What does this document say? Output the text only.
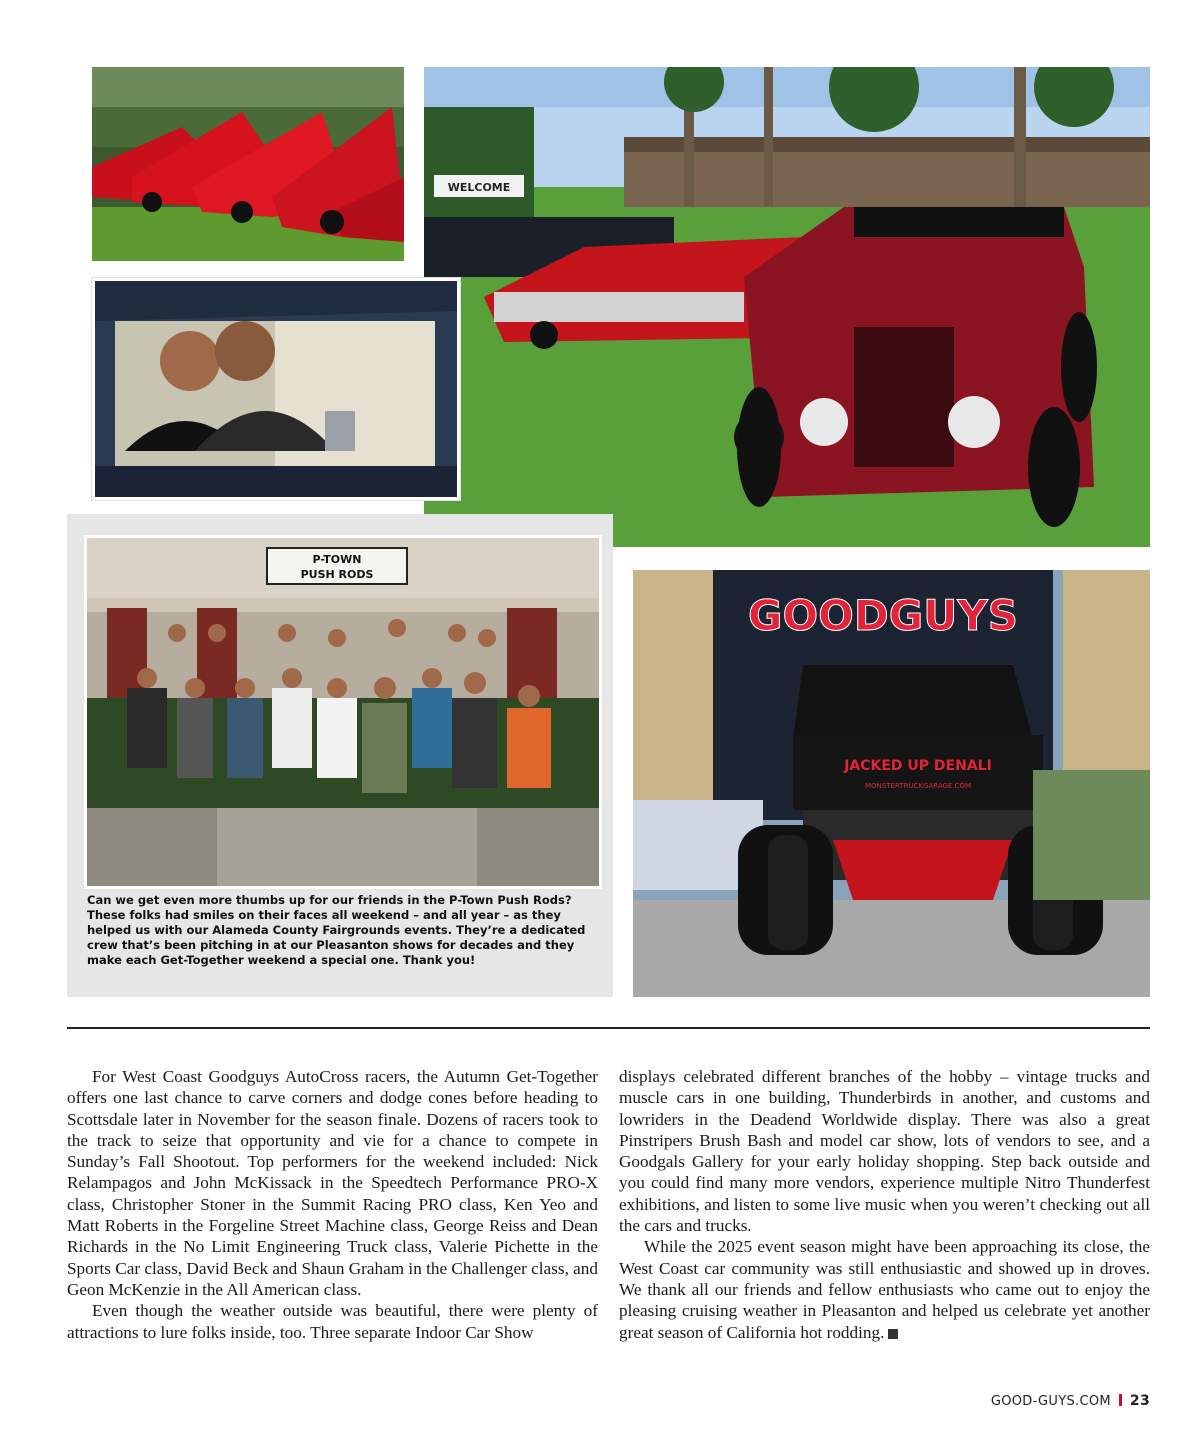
WELCOME
P-TOWN
PUSH RODS
Can we get even more thumbs up for our friends in the P-Town Push Rods? These folks had smiles on their faces all weekend – and all year – as they helped us with our Alameda County Fairgrounds events. They’re a dedicated crew that’s been pitching in at our Pleasanton shows for decades and they make each Get-Together weekend a special one. Thank you!
GOODGUYS
JACKED UP DENALI
MONSTERTRUCKGARAGE.COM

For West Coast Goodguys AutoCross racers, the Autumn Get-Together offers one last chance to carve corners and dodge cones before heading to Scottsdale later in November for the season finale. Dozens of racers took to the track to seize that opportunity and vie for a chance to compete in Sunday’s Fall Shootout. Top performers for the weekend included: Nick Relampagos and John McKissack in the Speedtech Performance PRO-X class, Christopher Stoner in the Summit Racing PRO class, Ken Yeo and Matt Roberts in the Forgeline Street Machine class, George Reiss and Dean Richards in the No Limit Engineering Truck class, Valerie Pichette in the Sports Car class, David Beck and Shaun Graham in the Challenger class, and Geon McKenzie in the All American class.

Even though the weather outside was beautiful, there were plenty of attractions to lure folks inside, too. Three separate Indoor Car Show

displays celebrated different branches of the hobby – vintage trucks and muscle cars in one building, Thunderbirds in another, and customs and lowriders in the Deadend Worldwide display. There was also a great Pinstripers Brush Bash and model car show, lots of vendors to see, and a Goodgals Gallery for your early holiday shopping. Step back outside and you could find many more vendors, experience multiple Nitro Thunderfest exhibitions, and listen to some live music when you weren’t checking out all the cars and trucks.

While the 2025 event season might have been approaching its close, the West Coast car community was still enthusiastic and showed up in droves. We thank all our friends and fellow enthusiasts who came out to enjoy the pleasing cruising weather in Pleasanton and helped us celebrate yet another great season of California hot rodding.	G

GOOD-GUYS.COM 23
